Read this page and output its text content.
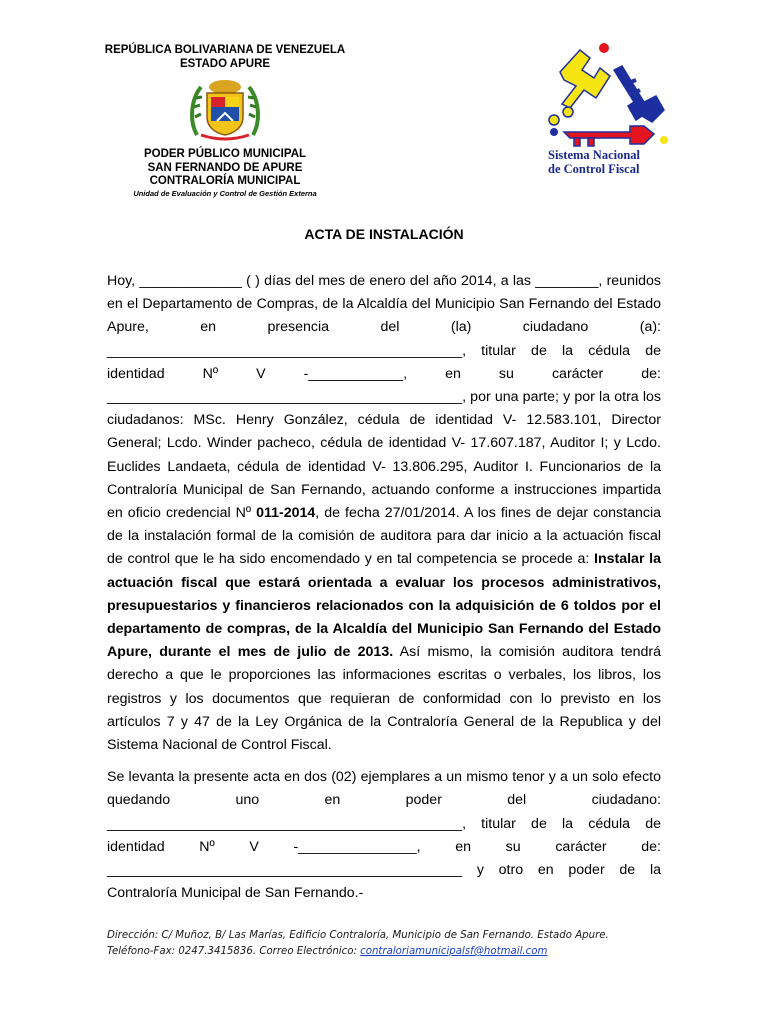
REPÚBLICA BOLIVARIANA DE VENEZUELA
ESTADO APURE
PODER PÚBLICO MUNICIPAL
SAN FERNANDO DE APURE
CONTRALORÍA MUNICIPAL
Unidad de Evaluación y Control de Gestión Externa
Sistema Nacional
de Control Fiscal
ACTA DE INSTALACIÓN

Hoy, _____________ ( ) días del mes de enero del año 2014, a las ________, reunidos en el Departamento de Compras, de la Alcaldía del Municipio San Fernando del Estado Apure, en presencia del (la) ciudadano (a): _____________________________________________, titular de la cédula de identidad Nº V -____________, en su carácter de: _____________________________________________, por una parte; y por la otra los ciudadanos: MSc. Henry González, cédula de identidad V- 12.583.101, Director General; Lcdo. Winder pacheco, cédula de identidad V- 17.607.187, Auditor I; y Lcdo. Euclides Landaeta, cédula de identidad V- 13.806.295, Auditor I. Funcionarios de la Contraloría Municipal de San Fernando, actuando conforme a instrucciones impartida en oficio credencial Nº 011-2014, de fecha 27/01/2014. A los fines de dejar constancia de la instalación formal de la comisión de auditora para dar inicio a la actuación fiscal de control que le ha sido encomendado y en tal competencia se procede a: Instalar la actuación fiscal que estará orientada a evaluar los procesos administrativos, presupuestarios y financieros relacionados con la adquisición de 6 toldos por el departamento de compras, de la Alcaldía del Municipio San Fernando del Estado Apure, durante el mes de julio de 2013. Así mismo, la comisión auditora tendrá derecho a que le proporciones las informaciones escritas o verbales, los libros, los registros y los documentos que requieran de conformidad con lo previsto en los artículos 7 y 47 de la Ley Orgánica de la Contraloría General de la Republica y del Sistema Nacional de Control Fiscal.

Se levanta la presente acta en dos (02) ejemplares a un mismo tenor y a un solo efecto quedando uno en poder del ciudadano: _____________________________________________, titular de la cédula de identidad Nº V -_______________, en su carácter de: _____________________________________________ y otro en poder de la Contraloría Municipal de San Fernando.-

Dirección: C/ Muñoz, B/ Las Marías, Edificio Contraloría, Municipio de San Fernando. Estado Apure.
Teléfono-Fax: 0247.3415836. Correo Electrónico: contraloriamunicipalsf@hotmail.com
